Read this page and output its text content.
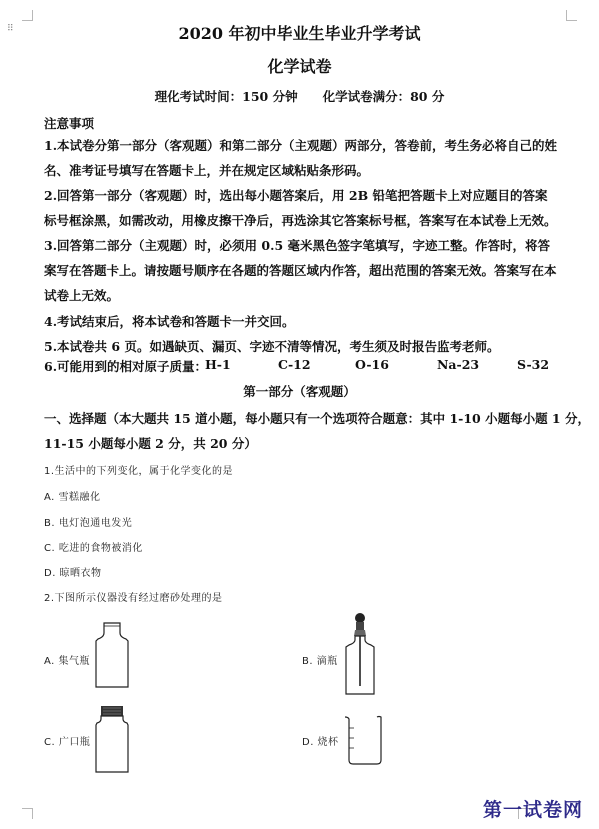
⠿	2020 年初中毕业生毕业升学考试
化学试卷
理化考试时间：150 分钟　　化学试卷满分：80 分
注意事项
1.本试卷分第一部分（客观题）和第二部分（主观题）两部分，答卷前，考生务必将自己的姓名、准考证号填写在答题卡上，并在规定区域粘贴条形码。
2.回答第一部分（客观题）时，选出每小题答案后，用 2B 铅笔把答题卡上对应题目的答案标号框涂黑，如需改动，用橡皮擦干净后，再选涂其它答案标号框，答案写在本试卷上无效。
3.回答第二部分（主观题）时，必须用 0.5 毫米黑色签字笔填写，字迹工整。作答时，将答案写在答题卡上。请按题号顺序在各题的答题区域内作答，超出范围的答案无效。答案写在本试卷上无效。
4.考试结束后，将本试卷和答题卡一并交回。
5.本试卷共 6 页。如遇缺页、漏页、字迹不清等情况，考生须及时报告监考老师。
6.可能用到的相对原子质量：
H-1	C-12	O-16	Na-23	S-32
第一部分（客观题）
一、选择题（本大题共 15 道小题，每小题只有一个选项符合题意：其中 1-10 小题每小题 1 分，
11-15 小题每小题 2 分，共 20 分）
1.生活中的下列变化，属于化学变化的是
A. 雪糕融化
B. 电灯泡通电发光
C. 吃进的食物被消化
D. 晾晒衣物
2.下图所示仪器没有经过磨砂处理的是
A. 集气瓶	B. 滴瓶
C. 广口瓶	D. 烧杯
第一试卷网
